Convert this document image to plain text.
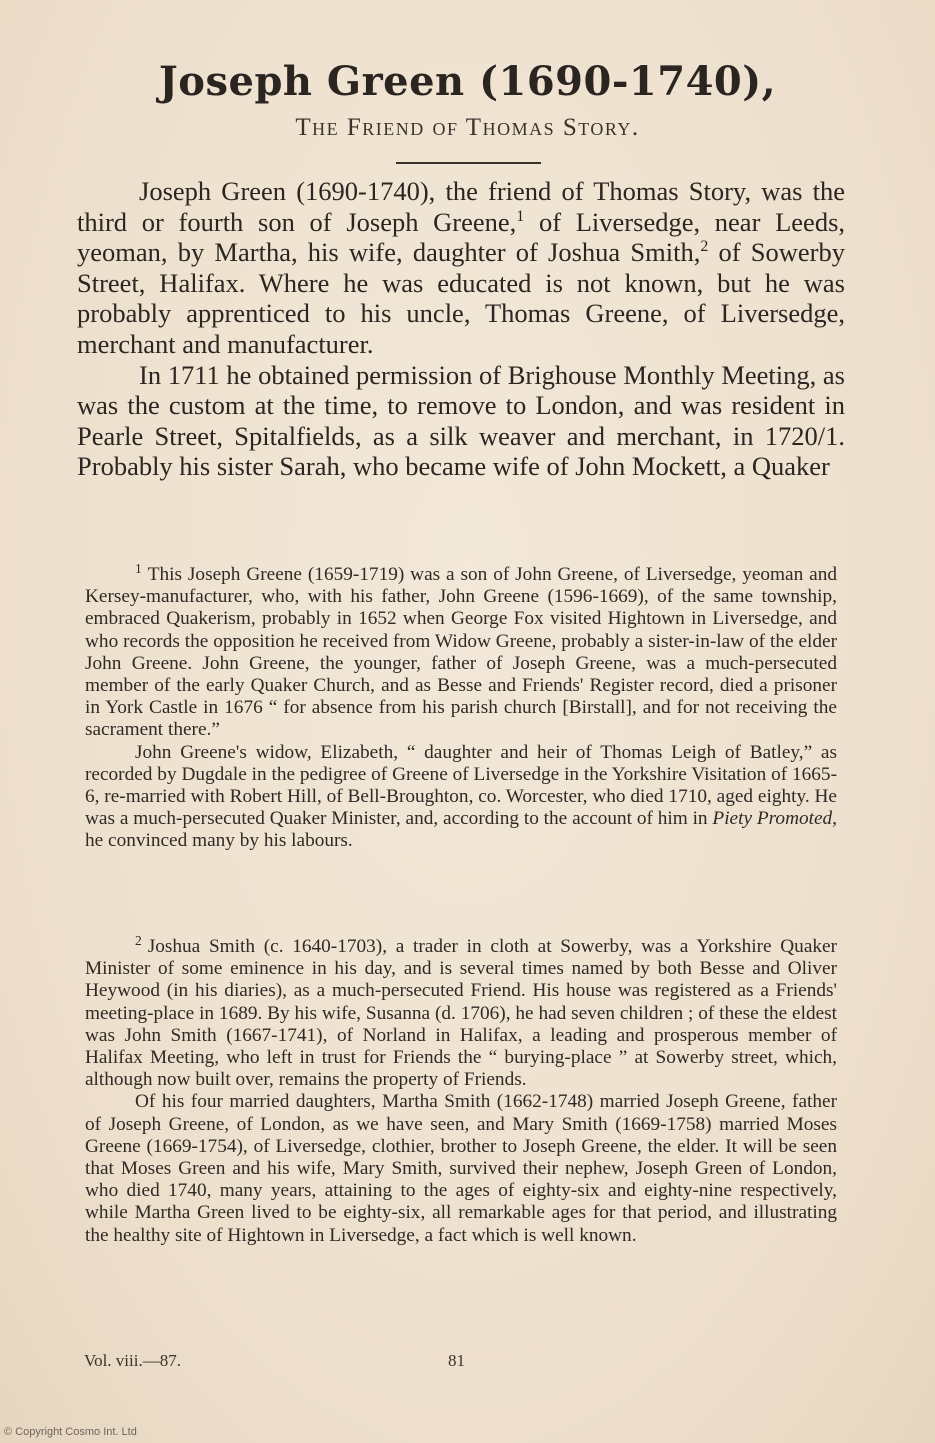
Joseph Green (1690-1740),
The Friend of Thomas Story.

Joseph Green (1690-1740), the friend of Thomas Story, was the third or fourth son of Joseph Greene,$^1$ of Liversedge, near Leeds, yeoman, by Martha, his wife, daughter of Joshua Smith,$^2$ of Sowerby Street, Halifax. Where he was educated is not known, but he was probably apprenticed to his uncle, Thomas Greene, of Liversedge, merchant and manufacturer.

In 1711 he obtained permission of Brighouse Monthly Meeting, as was the custom at the time, to remove to London, and was resident in Pearle Street, Spitalfields, as a silk weaver and merchant, in 1720/1. Probably his sister Sarah, who became wife of John Mockett, a Quaker

$^1$ This Joseph Greene (1659-1719) was a son of John Greene, of Liversedge, yeoman and Kersey-manufacturer, who, with his father, John Greene (1596-1669), of the same township, embraced Quakerism, probably in 1652 when George Fox visited Hightown in Liversedge, and who records the opposition he received from Widow Greene, probably a sister-in-law of the elder John Greene. John Greene, the younger, father of Joseph Greene, was a much-persecuted member of the early Quaker Church, and as Besse and Friends' Register record, died a prisoner in York Castle in 1676 “ for absence from his parish church [Birstall], and for not receiving the sacrament there.”

John Greene's widow, Elizabeth, “ daughter and heir of Thomas Leigh of Batley,” as recorded by Dugdale in the pedigree of Greene of Liversedge in the Yorkshire Visitation of 1665-6, re-married with Robert Hill, of Bell-Broughton, co. Worcester, who died 1710, aged eighty. He was a much-persecuted Quaker Minister, and, according to the account of him in Piety Promoted, he convinced many by his labours.

$^2$ Joshua Smith (c. 1640-1703), a trader in cloth at Sowerby, was a Yorkshire Quaker Minister of some eminence in his day, and is several times named by both Besse and Oliver Heywood (in his diaries), as a much-persecuted Friend. His house was registered as a Friends' meeting-place in 1689. By his wife, Susanna (d. 1706), he had seven children ; of these the eldest was John Smith (1667-1741), of Norland in Halifax, a leading and prosperous member of Halifax Meeting, who left in trust for Friends the “ burying-place ” at Sowerby street, which, although now built over, remains the property of Friends.

Of his four married daughters, Martha Smith (1662-1748) married Joseph Greene, father of Joseph Greene, of London, as we have seen, and Mary Smith (1669-1758) married Moses Greene (1669-1754), of Liversedge, clothier, brother to Joseph Greene, the elder. It will be seen that Moses Green and his wife, Mary Smith, survived their nephew, Joseph Green of London, who died 1740, many years, attaining to the ages of eighty-six and eighty-nine respectively, while Martha Green lived to be eighty-six, all remarkable ages for that period, and illustrating the healthy site of Hightown in Liversedge, a fact which is well known.

Vol. viii.—87.	81
© Copyright Cosmo Int. Ltd
